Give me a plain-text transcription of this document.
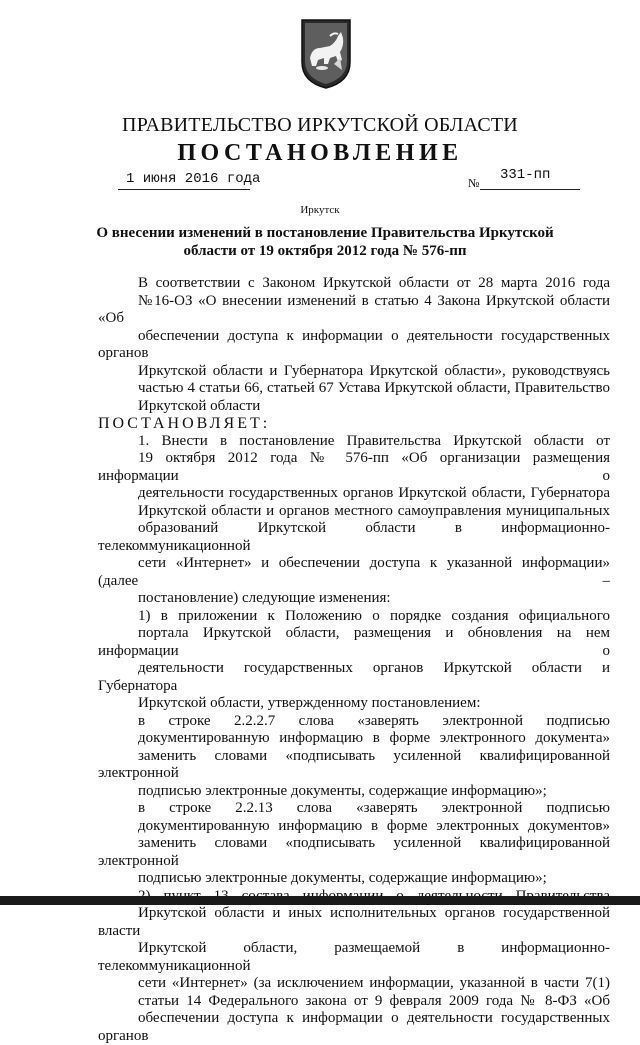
ПРАВИТЕЛЬСТВО ИРКУТСКОЙ ОБЛАСТИ
ПОСТАНОВЛЕНИЕ
1 июня 2016 года	№ 331-пп
Иркутск
О внесении изменений в постановление Правительства Иркутской
области от 19 октября 2012 года № 576-пп
В соответствии с Законом Иркутской области от 28 марта 2016 года
№16-ОЗ «О внесении изменений в статью 4 Закона Иркутской области «Об
обеспечении доступа к информации о деятельности государственных органов
Иркутской области и Губернатора Иркутской области», руководствуясь
частью 4 статьи 66, статьей 67 Устава Иркутской области, Правительство
Иркутской области
ПОСТАНОВЛЯЕТ:
1. Внести в постановление Правительства Иркутской области от
19 октября 2012 года № 576-пп «Об организации размещения информации о
деятельности государственных органов Иркутской области, Губернатора
Иркутской области и органов местного самоуправления муниципальных
образований Иркутской области в информационно-телекоммуникационной
сети «Интернет» и обеспечении доступа к указанной информации» (далее –
постановление) следующие изменения:
1) в приложении к Положению о порядке создания официального
портала Иркутской области, размещения и обновления на нем информации о
деятельности государственных органов Иркутской области и Губернатора
Иркутской области, утвержденному постановлением:
в строке 2.2.2.7 слова «заверять электронной подписью
документированную информацию в форме электронного документа»
заменить словами «подписывать усиленной квалифицированной электронной
подписью электронные документы, содержащие информацию»;
в строке 2.2.13 слова «заверять электронной подписью
документированную информацию в форме электронных документов»
заменить словами «подписывать усиленной квалифицированной электронной
подписью электронные документы, содержащие информацию»;
Иркутской области и иных исполнительных органов государственной власти
Иркутской области, размещаемой в информационно-телекоммуникационной
сети «Интернет» (за исключением информации, указанной в части 7(1)
статьи 14 Федерального закона от 9 февраля 2009 года № 8-ФЗ «Об
обеспечении доступа к информации о деятельности государственных органов
